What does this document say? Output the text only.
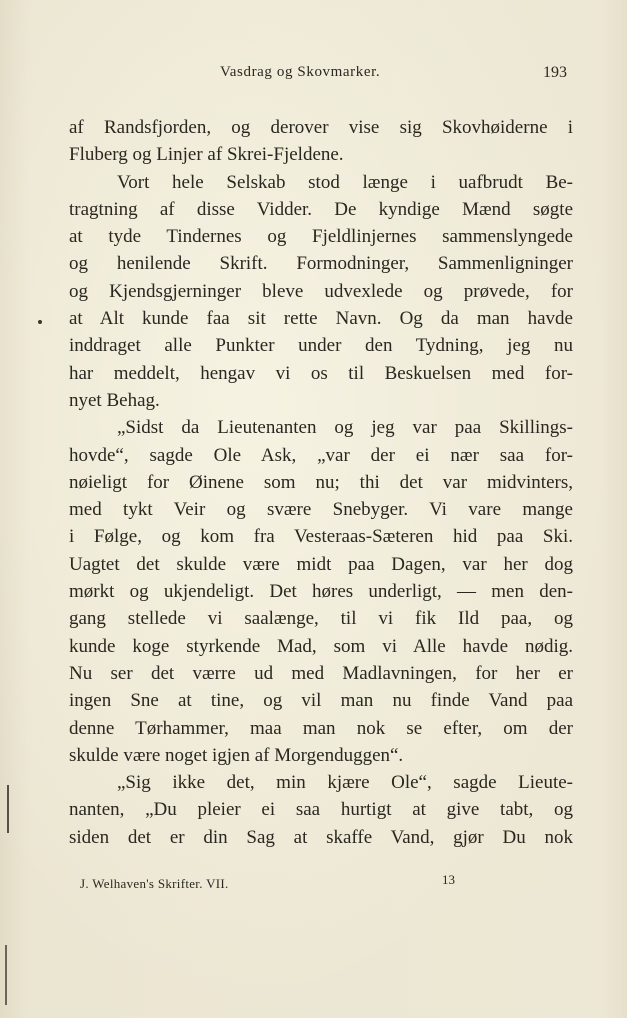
Vasdrag og Skovmarker.	193
af Randsfjorden, og derover vise sig Skovhøiderne i
Fluberg og Linjer af Skrei-Fjeldene.
Vort hele Selskab stod længe i uafbrudt Be-
tragtning af disse Vidder. De kyndige Mænd søgte
at tyde Tindernes og Fjeldlinjernes sammenslyngede
og henilende Skrift. Formodninger, Sammenligninger
og Kjendsgjerninger bleve udvexlede og prøvede, for
at Alt kunde faa sit rette Navn. Og da man havde
inddraget alle Punkter under den Tydning, jeg nu
har meddelt, hengav vi os til Beskuelsen med for-
nyet Behag.
„Sidst da Lieutenanten og jeg var paa Skillings-
hovde“, sagde Ole Ask, „var der ei nær saa for-
nøieligt for Øinene som nu; thi det var midvinters,
med tykt Veir og svære Snebyger. Vi vare mange
i Følge, og kom fra Vesteraas-Sæteren hid paa Ski.
Uagtet det skulde være midt paa Dagen, var her dog
mørkt og ukjendeligt. Det høres underligt, — men den-
gang stellede vi saalænge, til vi fik Ild paa, og
kunde koge styrkende Mad, som vi Alle havde nødig.
Nu ser det værre ud med Madlavningen, for her er
ingen Sne at tine, og vil man nu finde Vand paa
denne Tørhammer, maa man nok se efter, om der
skulde være noget igjen af Morgenduggen“.
„Sig ikke det, min kjære Ole“, sagde Lieute-
nanten, „Du pleier ei saa hurtigt at give tabt, og
siden det er din Sag at skaffe Vand, gjør Du nok
J. Welhaven's Skrifter. VII.	13
